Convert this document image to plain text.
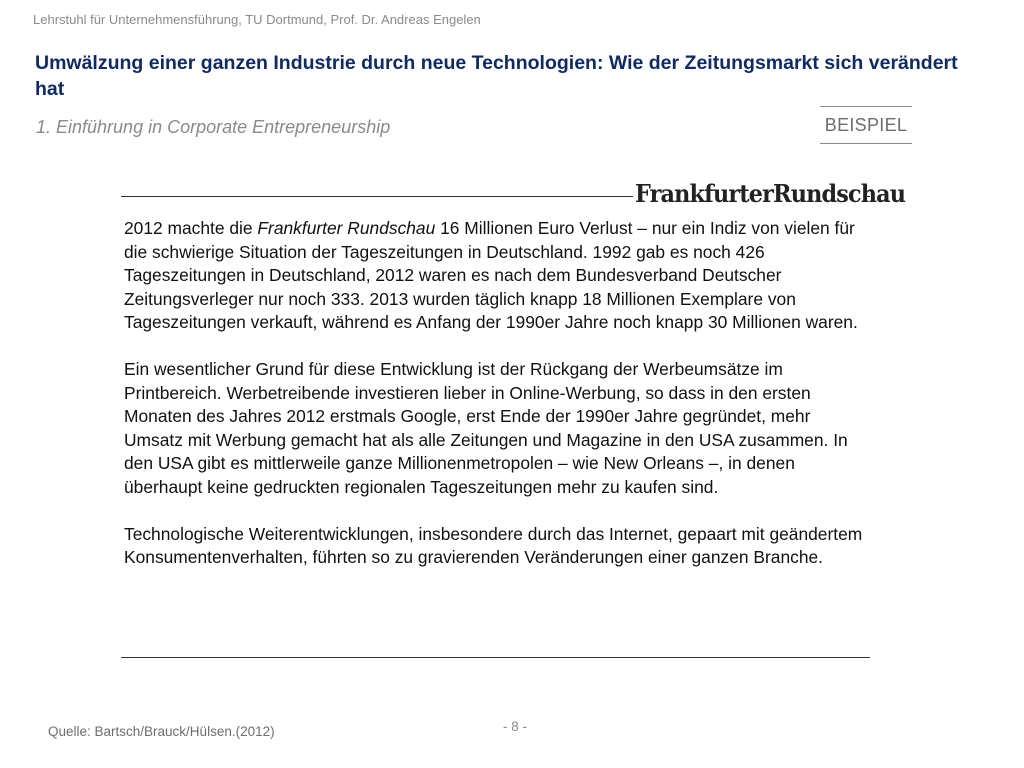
Lehrstuhl für Unternehmensführung, TU Dortmund, Prof. Dr. Andreas Engelen
Umwälzung einer ganzen Industrie durch neue Technologien: Wie der Zeitungsmarkt sich verändert hat
1. Einführung in Corporate Entrepreneurship	BEISPIEL
FrankfurterRundschau

2012 machte die Frankfurter Rundschau 16 Millionen Euro Verlust – nur ein Indiz von vielen für die schwierige Situation der Tageszeitungen in Deutschland. 1992 gab es noch 426 Tageszeitungen in Deutschland, 2012 waren es nach dem Bundesverband Deutscher Zeitungsverleger nur noch 333. 2013 wurden täglich knapp 18 Millionen Exemplare von Tageszeitungen verkauft, während es Anfang der 1990er Jahre noch knapp 30 Millionen waren.

Ein wesentlicher Grund für diese Entwicklung ist der Rückgang der Werbeumsätze im Printbereich. Werbetreibende investieren lieber in Online-Werbung, so dass in den ersten Monaten des Jahres 2012 erstmals Google, erst Ende der 1990er Jahre gegründet, mehr Umsatz mit Werbung gemacht hat als alle Zeitungen und Magazine in den USA zusammen. In den USA gibt es mittlerweile ganze Millionenmetropolen – wie New Orleans –, in denen überhaupt keine gedruckten regionalen Tageszeitungen mehr zu kaufen sind.

Technologische Weiterentwicklungen, insbesondere durch das Internet, gepaart mit geändertem Konsumentenverhalten, führten so zu gravierenden Veränderungen einer ganzen Branche.

Quelle: Bartsch/Brauck/Hülsen.(2012)	- 8 -
